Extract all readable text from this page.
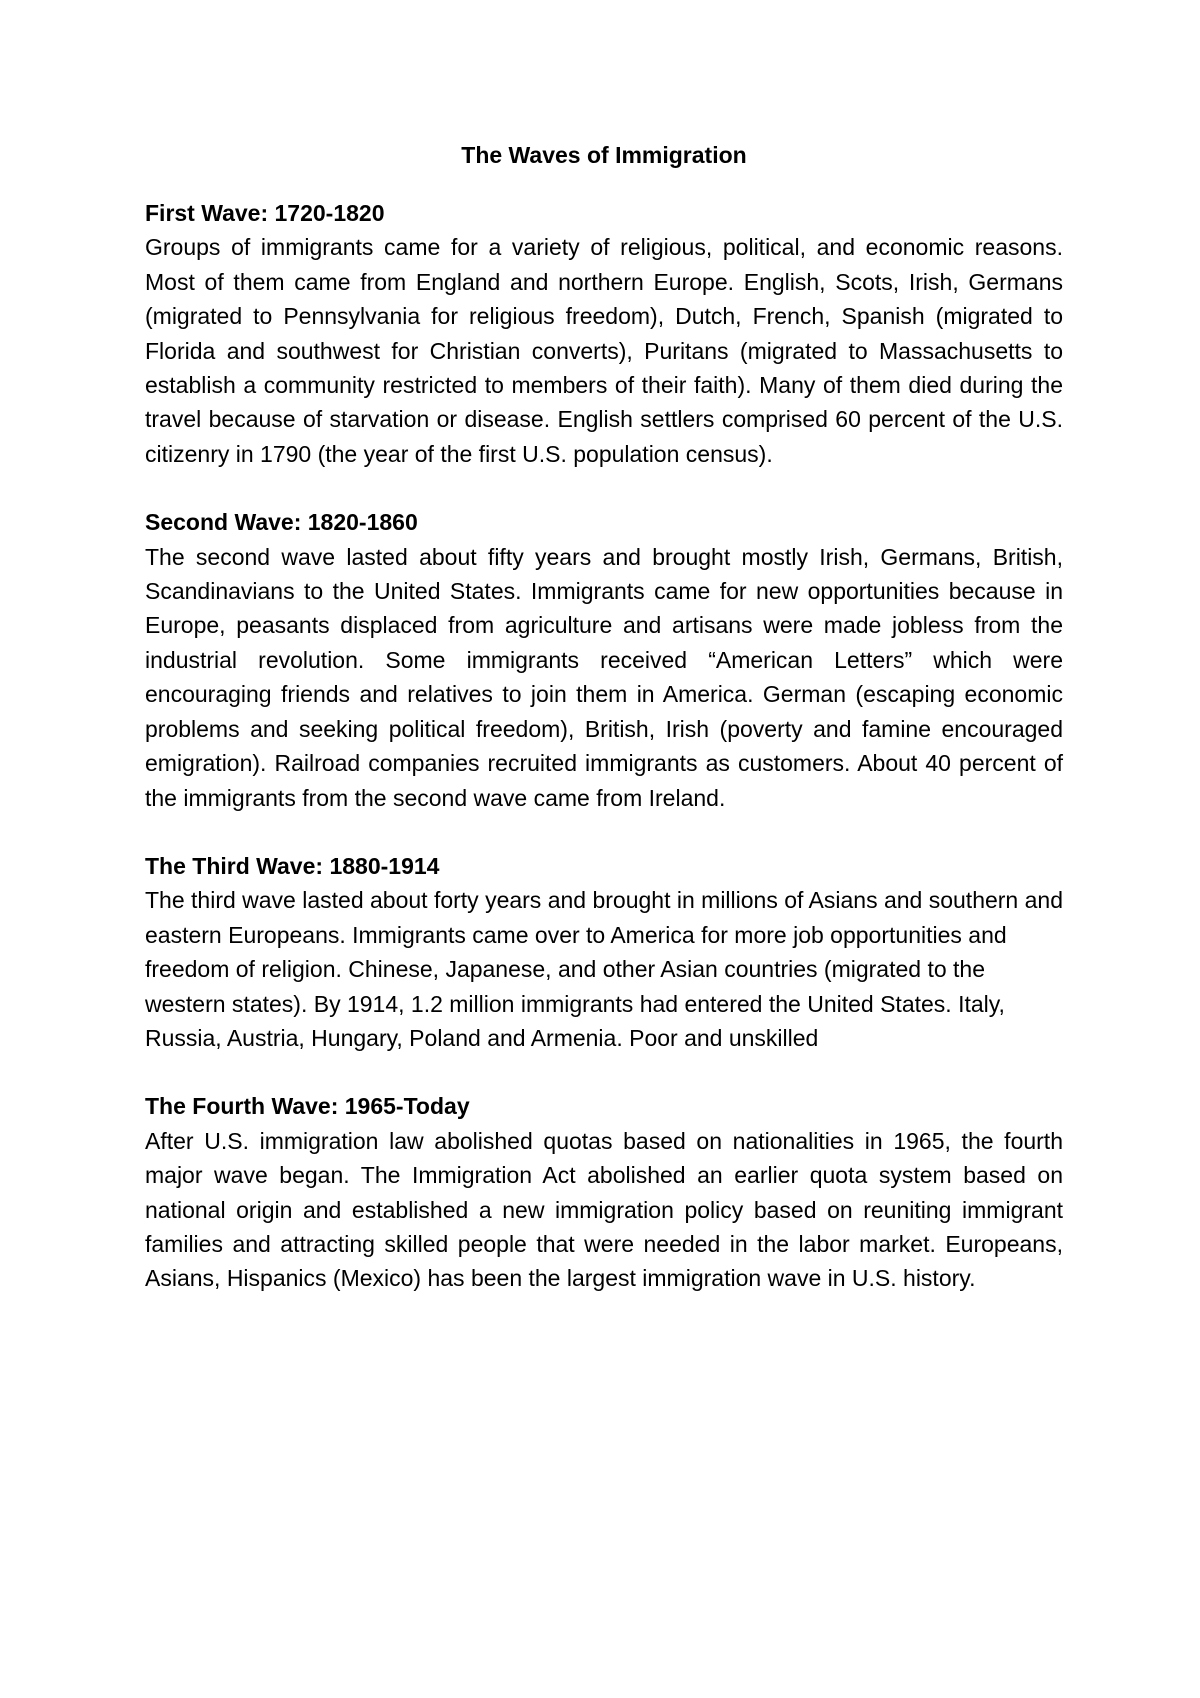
The Waves of Immigration

First Wave: 1720-1820

Groups of immigrants came for a variety of religious, political, and economic reasons. Most of them came from England and northern Europe. English, Scots, Irish, Germans (migrated to Pennsylvania for religious freedom), Dutch, French, Spanish (migrated to Florida and southwest for Christian converts), Puritans (migrated to Massachusetts to establish a community restricted to members of their faith). Many of them died during the travel because of starvation or disease. English settlers comprised 60 percent of the U.S. citizenry in 1790 (the year of the first U.S. population census).

Second Wave: 1820-1860

The second wave lasted about fifty years and brought mostly Irish, Germans, British, Scandinavians to the United States. Immigrants came for new opportunities because in Europe, peasants displaced from agriculture and artisans were made jobless from the industrial revolution. Some immigrants received “American Letters” which were encouraging friends and relatives to join them in America. German (escaping economic problems and seeking political freedom), British, Irish (poverty and famine encouraged emigration). Railroad companies recruited immigrants as customers. About 40 percent of the immigrants from the second wave came from Ireland.

The Third Wave: 1880-1914

The third wave lasted about forty years and brought in millions of Asians and southern and eastern Europeans. Immigrants came over to America for more job opportunities and freedom of religion. Chinese, Japanese, and other Asian countries (migrated to the western states). By 1914, 1.2 million immigrants had entered the United States. Italy, Russia, Austria, Hungary, Poland and Armenia. Poor and unskilled

The Fourth Wave: 1965-Today

After U.S. immigration law abolished quotas based on nationalities in 1965, the fourth major wave began. The Immigration Act abolished an earlier quota system based on national origin and established a new immigration policy based on reuniting immigrant families and attracting skilled people that were needed in the labor market. Europeans, Asians, Hispanics (Mexico) has been the largest immigration wave in U.S. history.
